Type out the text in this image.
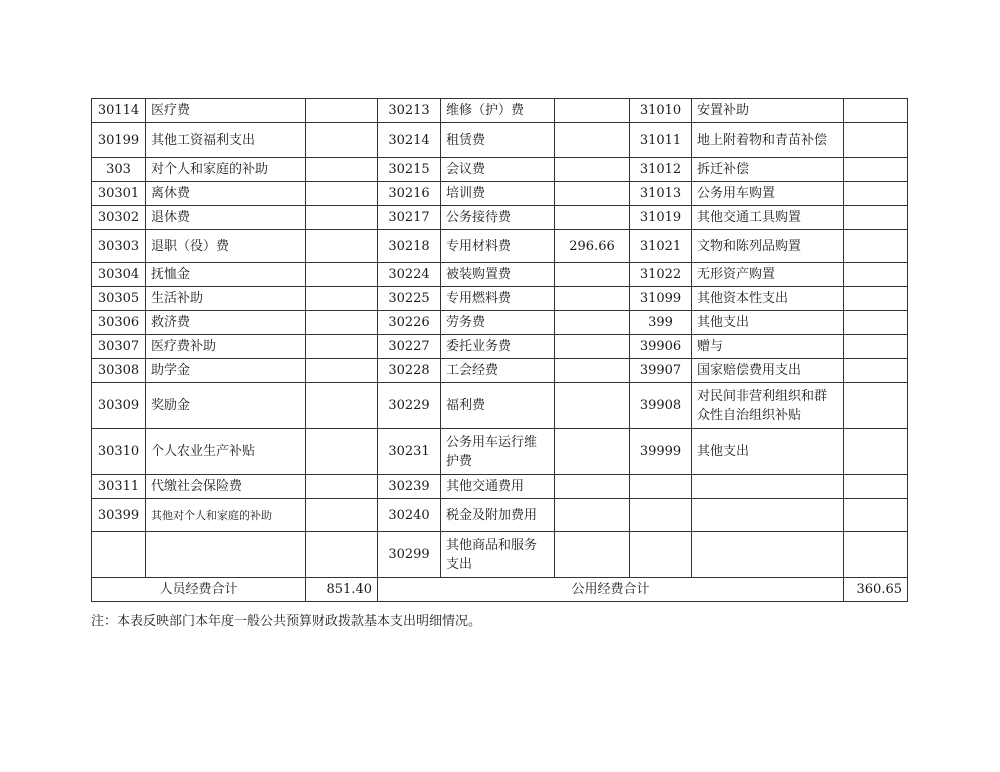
30114	医疗费		30213	维修（护）费		31010	安置补助	
30199	其他工资福利支出		30214	租赁费		31011	地上附着物和青苗补偿	
303	对个人和家庭的补助		30215	会议费		31012	拆迁补偿	
30301	离休费		30216	培训费		31013	公务用车购置	
30302	退休费		30217	公务接待费		31019	其他交通工具购置	
30303	退职（役）费		30218	专用材料费	296.66	31021	文物和陈列品购置	
30304	抚恤金		30224	被装购置费		31022	无形资产购置	
30305	生活补助		30225	专用燃料费		31099	其他资本性支出	
30306	救济费		30226	劳务费		399	其他支出	
30307	医疗费补助		30227	委托业务费		39906	赠与	
30308	助学金		30228	工会经费		39907	国家赔偿费用支出	
30309	奖励金		30229	福利费		39908	对民间非营利组织和群众性自治组织补贴	
30310	个人农业生产补贴		30231	公务用车运行维护费		39999	其他支出	
30311	代缴社会保险费		30239	其他交通费用				
30399	其他对个人和家庭的补助		30240	税金及附加费用				
			30299	其他商品和服务支出				
人员经费合计		851.40	公用经费合计					360.65
注：本表反映部门本年度一般公共预算财政拨款基本支出明细情况。
